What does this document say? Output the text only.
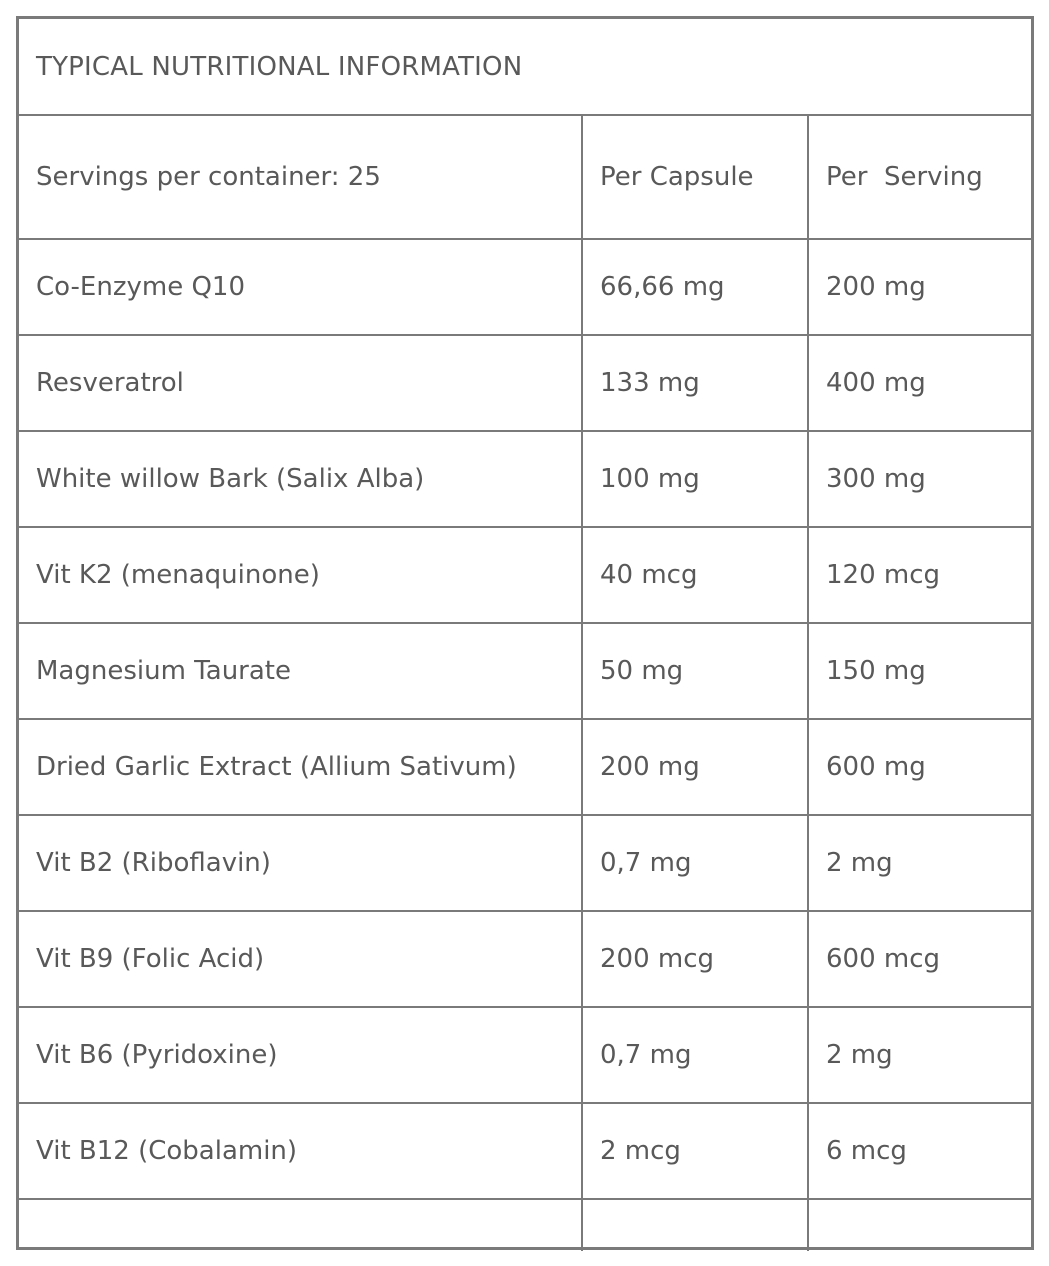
TYPICAL NUTRITIONAL INFORMATION
Servings per container: 25	Per Capsule	Per  Serving
Co-Enzyme Q10	66,66 mg	200 mg
Resveratrol	133 mg	400 mg
White willow Bark (Salix Alba)	100 mg	300 mg
Vit K2 (menaquinone)	40 mcg	120 mcg
Magnesium Taurate	50 mg	150 mg
Dried Garlic Extract (Allium Sativum)	200 mg	600 mg
Vit B2 (Riboflavin)	0,7 mg	2 mg
Vit B9 (Folic Acid)	200 mcg	600 mcg
Vit B6 (Pyridoxine)	0,7 mg	2 mg
Vit B12 (Cobalamin)	2 mcg	6 mcg
